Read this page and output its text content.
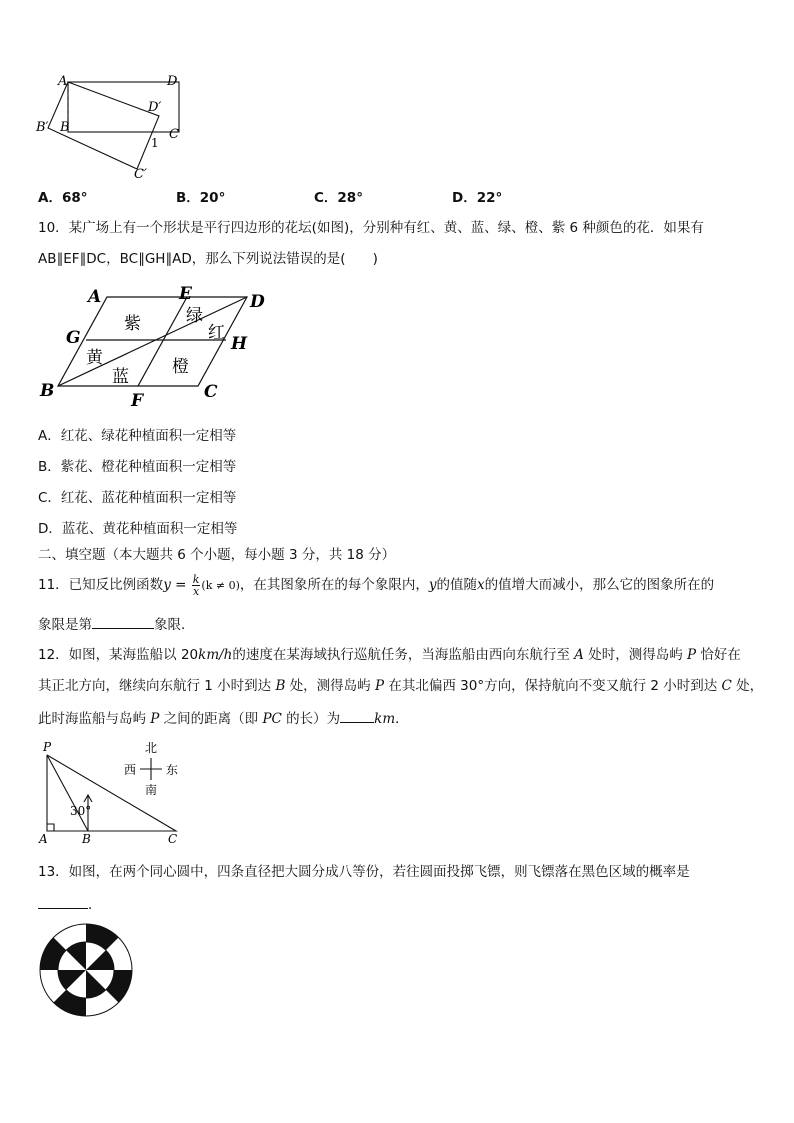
A	D
D′
B′ B	C
1
C′
A．68°	B．20°	C．28°	D．22°
10．某广场上有一个形状是平行四边形的花坛(如图)，分别种有红、黄、蓝、绿、橙、紫 6 种颜色的花．如果有
AB∥EF∥DC，BC∥GH∥AD，那么下列说法错误的是(　　)
A	E	D
G	H
B	F	C
紫	绿
红
黄
蓝	橙
A．红花、绿花种植面积一定相等
B．紫花、橙花种植面积一定相等
C．红花、蓝花种植面积一定相等
D．蓝花、黄花种植面积一定相等
二、填空题（本大题共 6 个小题，每小题 3 分，共 18 分）
11．已知反比例函数$y = \frac{k}{x} (k \ne 0)$，在其图象所在的每个象限内，y的值随x的值增大而减小，那么它的图象所在的
象限是第	象限．
12．如图，某海监船以 20km/h的速度在某海域执行巡航任务，当海监船由西向东航行至 A 处时，测得岛屿 P 恰好在
其正北方向，继续向东航行 1 小时到达 B 处，测得岛屿 P 在其北偏西 30°方向，保持航向不变又航行 2 小时到达 C 处，
此时海监船与岛屿 P 之间的距离（即 PC 的长）为	km．
P
A	B	C
30°
北
南
西 东
13．如图，在两个同心圆中，四条直径把大圆分成八等份，若往圆面投掷飞镖，则飞镖落在黑色区域的概率是
．
